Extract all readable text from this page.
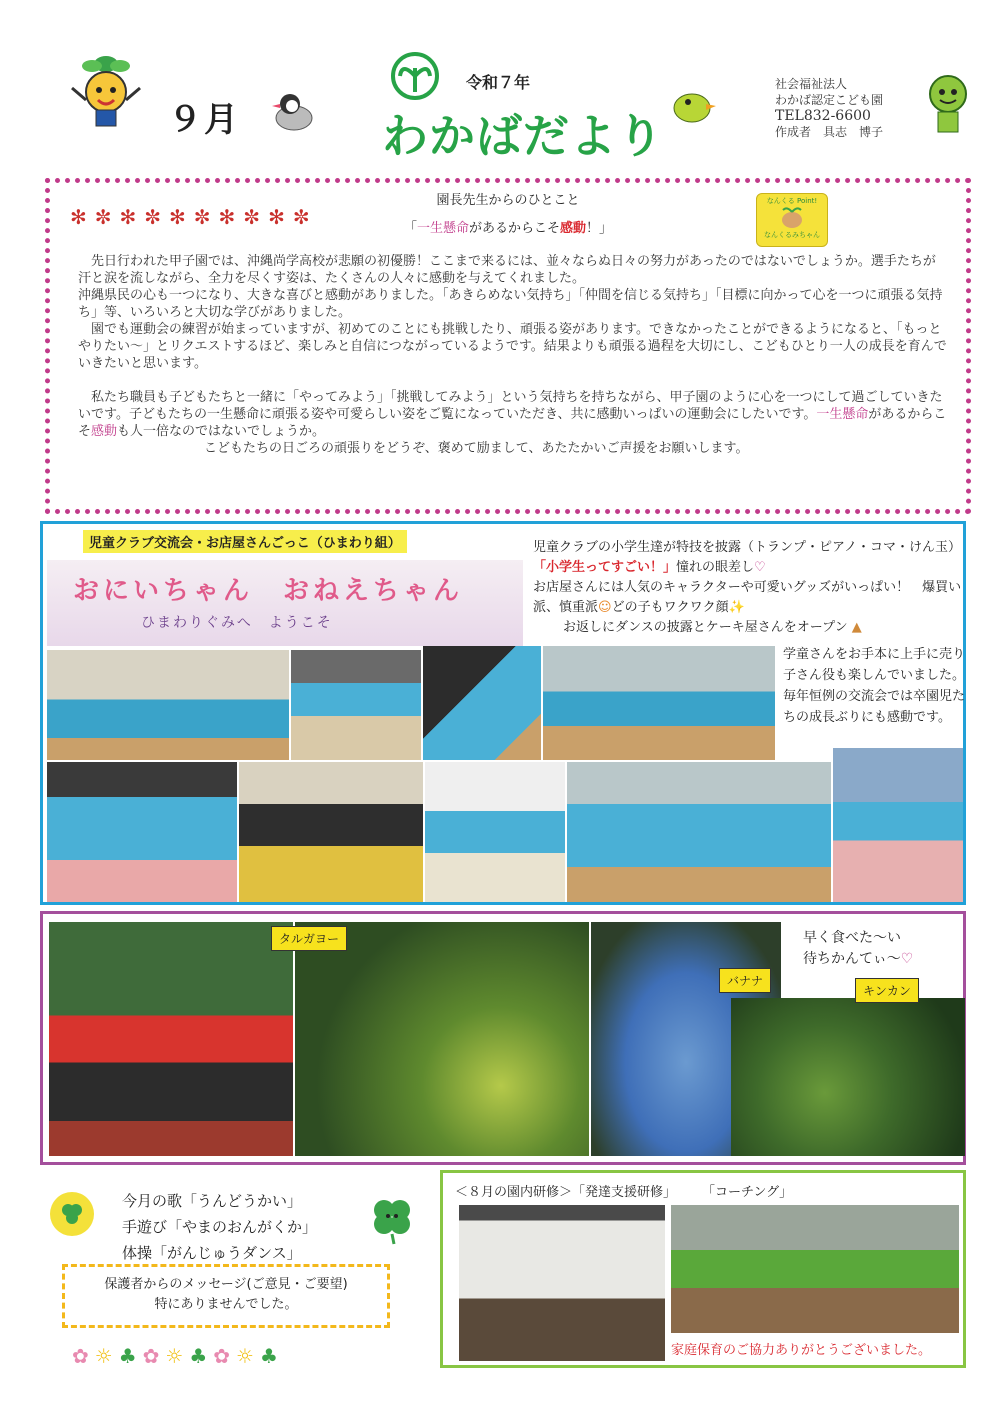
９月
令和７年
わかばだより
社会福祉法人
わかば認定こども園
TEL832-6600
作成者　具志　博子
園長先生からのひとこと
✻✼✻✼✻✼✻✼✻✼	「一生懸命があるからこそ感動！」
なんくる Point!
なんくるみちゃん

先日行われた甲子園では、沖縄尚学高校が悲願の初優勝！ここまで来るには、並々ならぬ日々の努力があったのではないでしょうか。選手たちが汗と涙を流しながら、全力を尽くす姿は、たくさんの人々に感動を与えてくれました。

沖縄県民の心も一つになり、大きな喜びと感動がありました。「あきらめない気持ち」「仲間を信じる気持ち」「目標に向かって心を一つに頑張る気持ち」等、いろいろと大切な学びがありました。

園でも運動会の練習が始まっていますが、初めてのことにも挑戦したり、頑張る姿があります。できなかったことができるようになると、「もっとやりたい～」とリクエストするほど、楽しみと自信につながっているようです。結果よりも頑張る過程を大切にし、こどもひとり一人の成長を育んでいきたいと思います。

私たち職員も子どもたちと一緒に「やってみよう」「挑戦してみよう」という気持ちを持ちながら、甲子園のように心を一つにして過ごしていきたいです。子どもたちの一生懸命に頑張る姿や可愛らしい姿をご覧になっていただき、共に感動いっぱいの運動会にしたいです。一生懸命があるからこそ感動も人一倍なのではないでしょうか。

こどもたちの日ごろの頑張りをどうぞ、褒めて励まして、あたたかいご声援をお願いします。

児童クラブ交流会・お店屋さんごっこ（ひまわり組）
おにいちゃん　おねえちゃん
ひまわりぐみへ　ようこそ
児童クラブの小学生達が特技を披露（トランプ・ピアノ・コマ・けん玉）「小学生ってすごい！」憧れの眼差し♡
お店屋さんには人気のキャラクターや可愛いグッズがいっぱい！　爆買い派、慎重派☺どの子もワクワク顔✨
お返しにダンスの披露とケーキ屋さんをオープン ▲
学童さんをお手本に上手に売り子さん役も楽しんでいました。毎年恒例の交流会では卒園児たちの成長ぶりにも感動です。
タルガヨー
バナナ
早く食べた～い
待ちかんてぃ～♡
キンカン
今月の歌「うんどうかい」
手遊び「やまのおんがくか」
体操「がんじゅうダンス」
保護者からのメッセージ(ご意見・ご要望)
特にありませんでした。
✿☼♣✿☼♣✿☼♣
＜８月の園内研修＞「発達支援研修」　　　「コーチング」
家庭保育のご協力ありがとうございました。
